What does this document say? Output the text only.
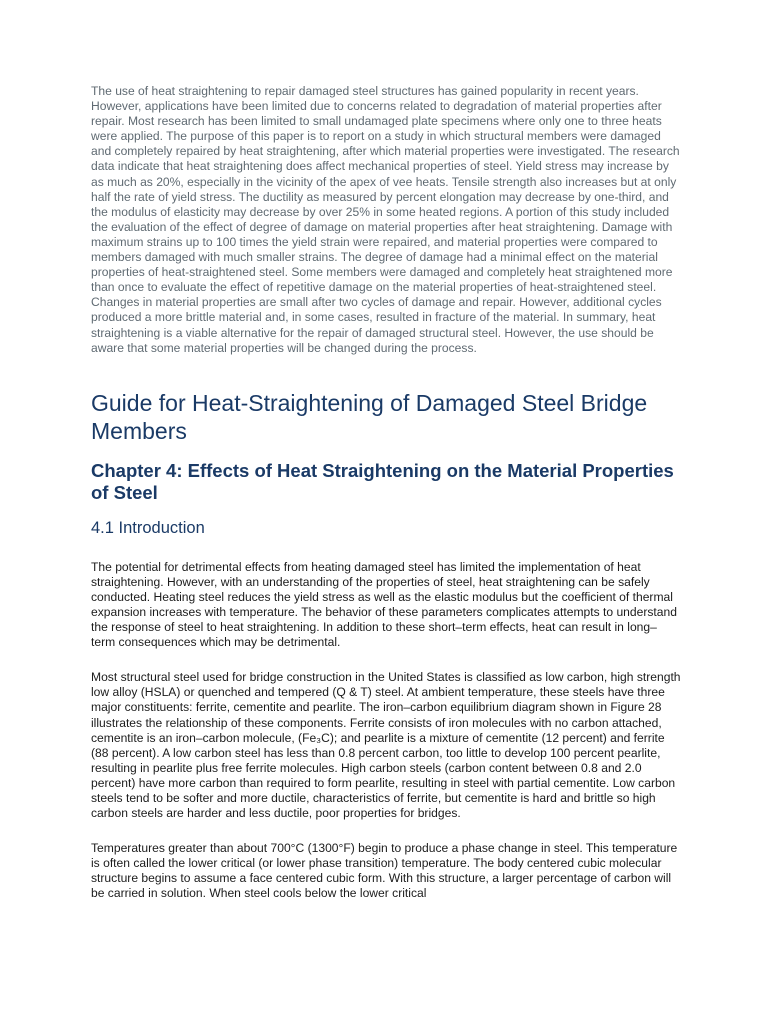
The use of heat straightening to repair damaged steel structures has gained popularity in recent years. However, applications have been limited due to concerns related to degradation of material properties after repair. Most research has been limited to small undamaged plate specimens where only one to three heats were applied. The purpose of this paper is to report on a study in which structural members were damaged and completely repaired by heat straightening, after which material properties were investigated. The research data indicate that heat straightening does affect mechanical properties of steel. Yield stress may increase by as much as 20%, especially in the vicinity of the apex of vee heats. Tensile strength also increases but at only half the rate of yield stress. The ductility as measured by percent elongation may decrease by one-third, and the modulus of elasticity may decrease by over 25% in some heated regions. A portion of this study included the evaluation of the effect of degree of damage on material properties after heat straightening. Damage with maximum strains up to 100 times the yield strain were repaired, and material properties were compared to members damaged with much smaller strains. The degree of damage had a minimal effect on the material properties of heat-straightened steel. Some members were damaged and completely heat straightened more than once to evaluate the effect of repetitive damage on the material properties of heat-straightened steel. Changes in material properties are small after two cycles of damage and repair. However, additional cycles produced a more brittle material and, in some cases, resulted in fracture of the material. In summary, heat straightening is a viable alternative for the repair of damaged structural steel. However, the use should be aware that some material properties will be changed during the process.

Guide for Heat-Straightening of Damaged Steel Bridge Members
Chapter 4: Effects of Heat Straightening on the Material Properties of Steel
4.1 Introduction

The potential for detrimental effects from heating damaged steel has limited the implementation of heat straightening. However, with an understanding of the properties of steel, heat straightening can be safely conducted. Heating steel reduces the yield stress as well as the elastic modulus but the coefficient of thermal expansion increases with temperature. The behavior of these parameters complicates attempts to understand the response of steel to heat straightening. In addition to these short–term effects, heat can result in long–term consequences which may be detrimental.

Most structural steel used for bridge construction in the United States is classified as low carbon, high strength low alloy (HSLA) or quenched and tempered (Q & T) steel. At ambient temperature, these steels have three major constituents: ferrite, cementite and pearlite. The iron–carbon equilibrium diagram shown in Figure 28 illustrates the relationship of these components. Ferrite consists of iron molecules with no carbon attached, cementite is an iron–carbon molecule, (Fe₃C); and pearlite is a mixture of cementite (12 percent) and ferrite (88 percent). A low carbon steel has less than 0.8 percent carbon, too little to develop 100 percent pearlite, resulting in pearlite plus free ferrite molecules. High carbon steels (carbon content between 0.8 and 2.0 percent) have more carbon than required to form pearlite, resulting in steel with partial cementite. Low carbon steels tend to be softer and more ductile, characteristics of ferrite, but cementite is hard and brittle so high carbon steels are harder and less ductile, poor properties for bridges.

Temperatures greater than about 700°C (1300°F) begin to produce a phase change in steel. This temperature is often called the lower critical (or lower phase transition) temperature. The body centered cubic molecular structure begins to assume a face centered cubic form. With this structure, a larger percentage of carbon will be carried in solution. When steel cools below the lower critical
